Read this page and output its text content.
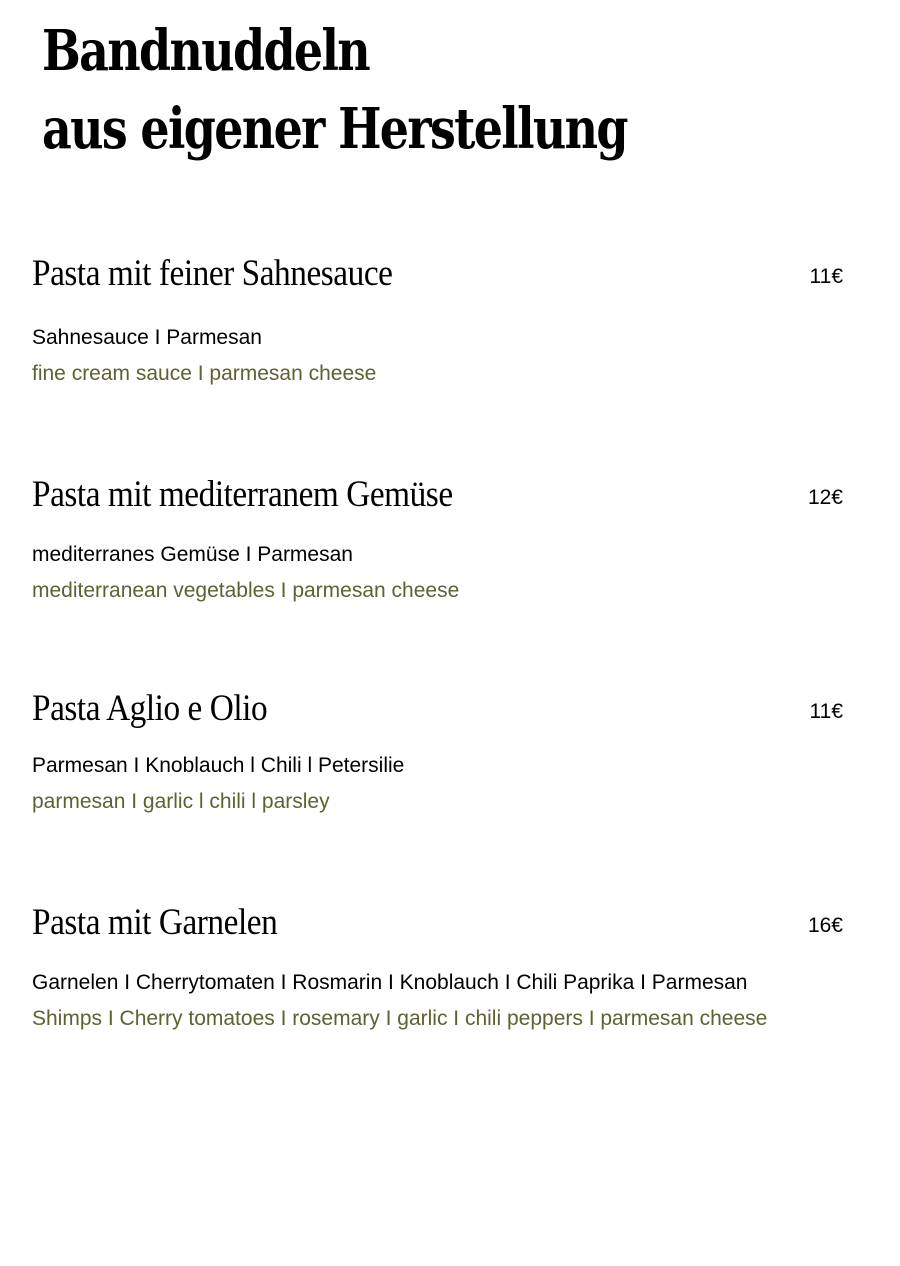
Bandnuddeln
aus eigener Herstellung
Pasta mit feiner Sahnesauce	11€
Sahnesauce I Parmesan
fine cream sauce I parmesan cheese
Pasta mit mediterranem Gemüse	12€
mediterranes Gemüse I Parmesan
mediterranean vegetables I parmesan cheese
Pasta Aglio e Olio	11€
Parmesan I Knoblauch l Chili l Petersilie
parmesan I garlic l chili l parsley
Pasta mit Garnelen	16€
Garnelen I Cherrytomaten I Rosmarin I Knoblauch I Chili Paprika I Parmesan
Shimps I Cherry tomatoes I rosemary I garlic I chili peppers I parmesan cheese
